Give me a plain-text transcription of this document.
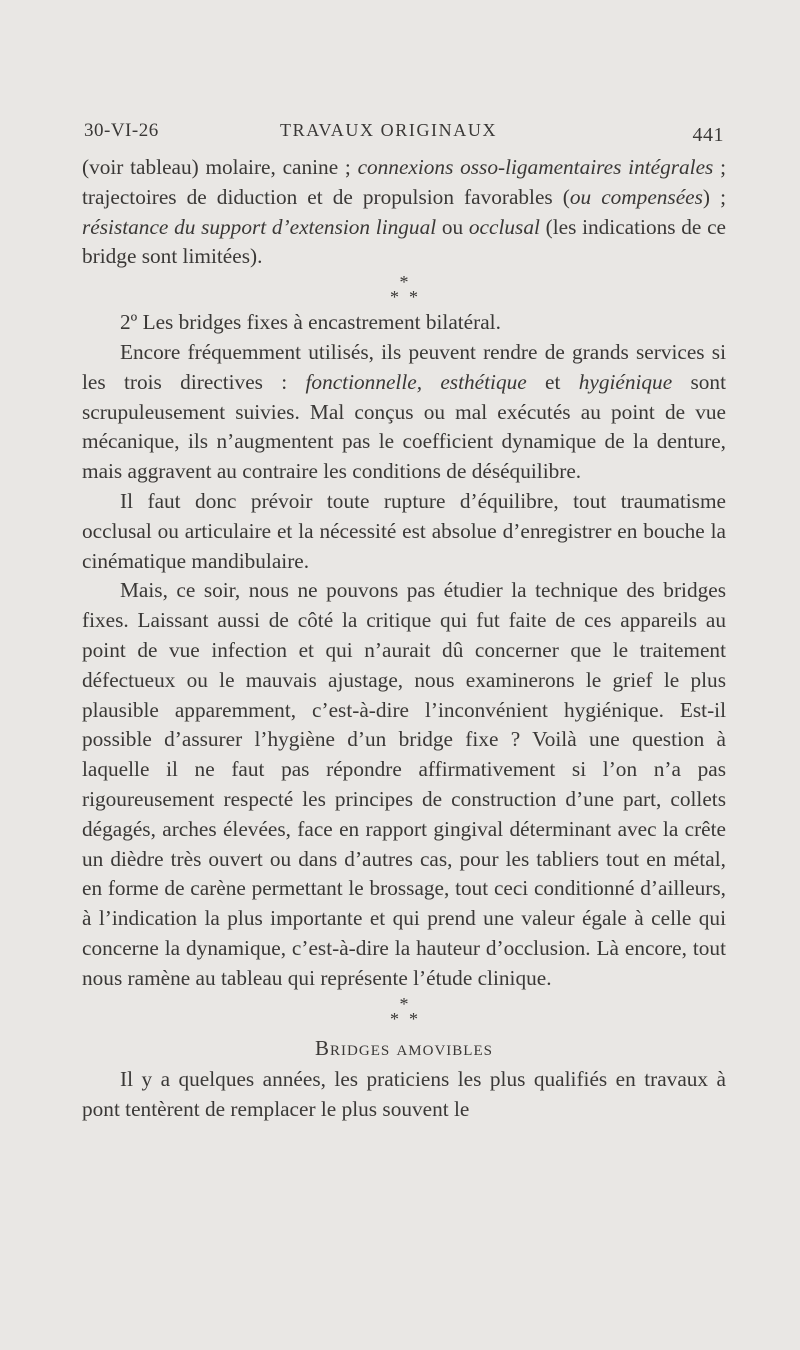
30-VI-26	TRAVAUX ORIGINAUX	441

(voir tableau) molaire, canine ; connexions osso-ligamentaires intégrales ; trajectoires de diduction et de propulsion favorables (ou compensées) ; résistance du support d’extension lingual ou occlusal (les indications de ce bridge sont limitées).

*
**

2º Les bridges fixes à encastrement bilatéral.

Encore fréquemment utilisés, ils peuvent rendre de grands services si les trois directives : fonctionnelle, esthétique et hygiénique sont scrupuleusement suivies. Mal conçus ou mal exécutés au point de vue mécanique, ils n’augmentent pas le coefficient dynamique de la denture, mais aggravent au contraire les conditions de déséquilibre.

Il faut donc prévoir toute rupture d’équilibre, tout traumatisme occlusal ou articulaire et la nécessité est absolue d’enregistrer en bouche la cinématique mandibulaire.

Mais, ce soir, nous ne pouvons pas étudier la technique des bridges fixes. Laissant aussi de côté la critique qui fut faite de ces appareils au point de vue infection et qui n’aurait dû concerner que le traitement défectueux ou le mauvais ajustage, nous examinerons le grief le plus plausible apparemment, c’est-à-dire l’inconvénient hygiénique. Est-il possible d’assurer l’hygiène d’un bridge fixe ? Voilà une question à laquelle il ne faut pas répondre affirmativement si l’on n’a pas rigoureusement respecté les principes de construction d’une part, collets dégagés, arches élevées, face en rapport gingival déterminant avec la crête un dièdre très ouvert ou dans d’autres cas, pour les tabliers tout en métal, en forme de carène permettant le brossage, tout ceci conditionné d’ailleurs, à l’indication la plus importante et qui prend une valeur égale à celle qui concerne la dynamique, c’est-à-dire la hauteur d’occlusion. Là encore, tout nous ramène au tableau qui représente l’étude clinique.

*
**
Bridges amovibles

Il y a quelques années, les praticiens les plus qualifiés en travaux à pont tentèrent de remplacer le plus souvent le
